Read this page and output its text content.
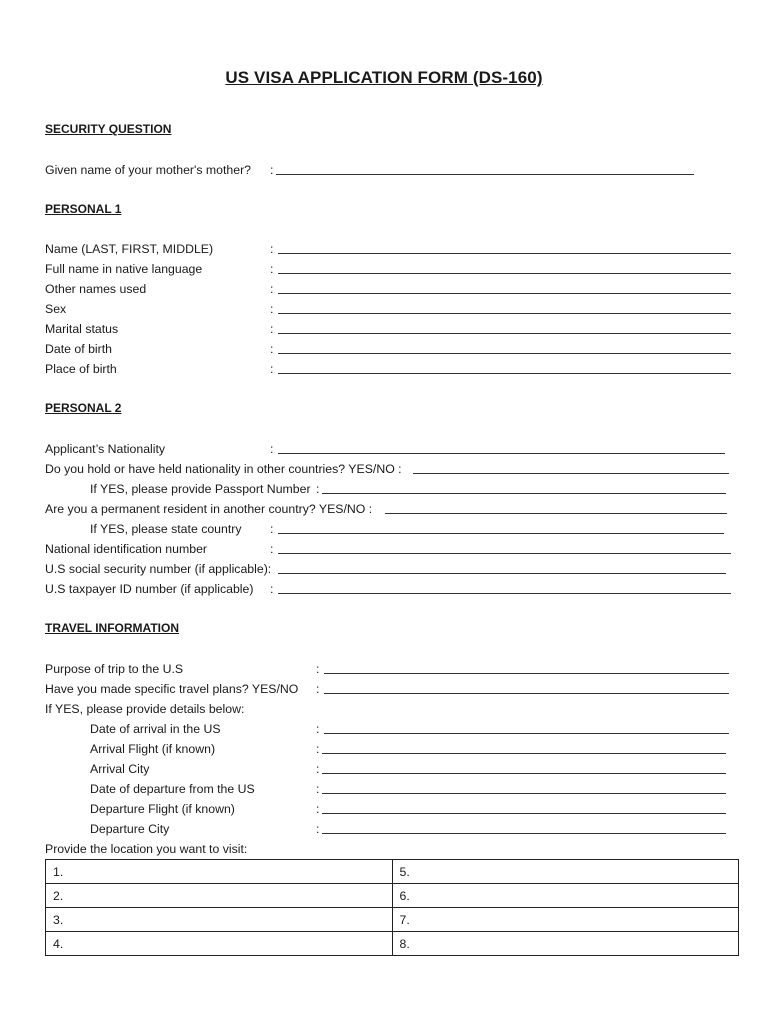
US VISA APPLICATION FORM (DS-160)
SECURITY QUESTION
Given name of your mother's mother? :
PERSONAL 1
Name (LAST, FIRST, MIDDLE)	:
Full name in native language	:
Other names used	:
Sex	:
Marital status	:
Date of birth	:
Place of birth	:
PERSONAL 2
Applicant’s Nationality	:
Do you hold or have held nationality in other countries? YES/NO :
If YES, please provide Passport Number :
Are you a permanent resident in another country? YES/NO :
If YES, please state country :
National identification number	:
U.S social security number (if applicable):
U.S taxpayer ID number (if applicable) :
TRAVEL INFORMATION
Purpose of trip to the U.S	:
Have you made specific travel plans? YES/NO :
If YES, please provide details below:
Date of arrival in the US	:
Arrival Flight (if known)	:
Arrival City	:
Date of departure from the US	:
Departure Flight (if known)	:
Departure City	:
Provide the location you want to visit:
1.	5.
2.	6.
3.	7.
4.	8.
